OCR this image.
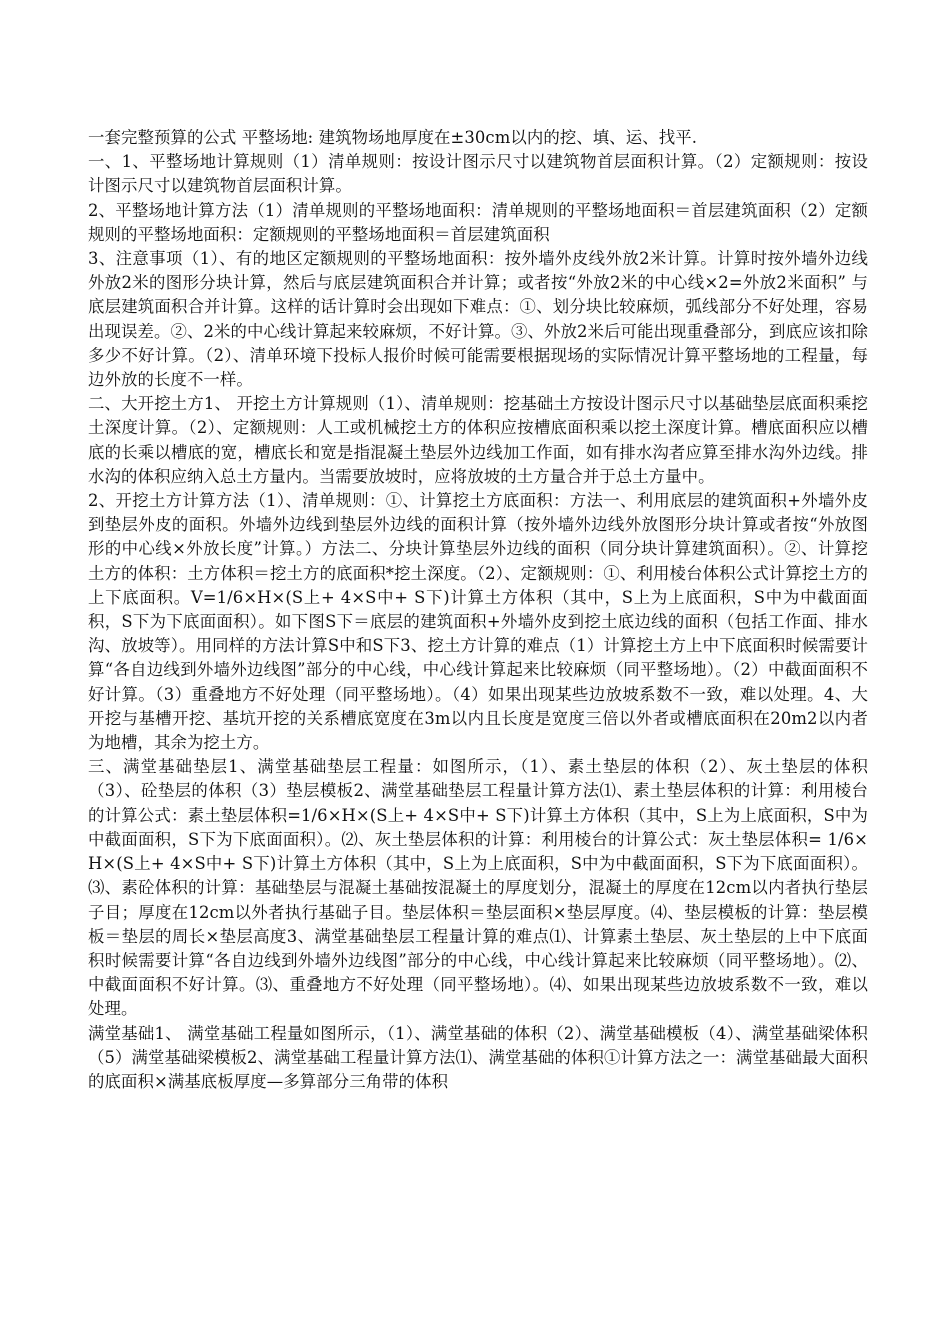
一套完整预算的公式 平整场地: 建筑物场地厚度在±30cm以内的挖、填、运、找平.

一、1、平整场地计算规则（1）清单规则：按设计图示尺寸以建筑物首层面积计算。（2）定额规则：按设计图示尺寸以建筑物首层面积计算。

2、平整场地计算方法（1）清单规则的平整场地面积：清单规则的平整场地面积＝首层建筑面积（2）定额规则的平整场地面积：定额规则的平整场地面积＝首层建筑面积

3、注意事项（1）、有的地区定额规则的平整场地面积：按外墙外皮线外放2米计算。计算时按外墙外边线外放2米的图形分块计算，然后与底层建筑面积合并计算；或者按“外放2米的中心线×2=外放2米面积” 与底层建筑面积合并计算。这样的话计算时会出现如下难点：①、划分块比较麻烦，弧线部分不好处理，容易出现误差。②、2米的中心线计算起来较麻烦，不好计算。③、外放2米后可能出现重叠部分，到底应该扣除多少不好计算。（2）、清单环境下投标人报价时候可能需要根据现场的实际情况计算平整场地的工程量，每边外放的长度不一样。

二、大开挖土方1、 开挖土方计算规则（1）、清单规则：挖基础土方按设计图示尺寸以基础垫层底面积乘挖土深度计算。（2）、定额规则：人工或机械挖土方的体积应按槽底面积乘以挖土深度计算。槽底面积应以槽底的长乘以槽底的宽，槽底长和宽是指混凝土垫层外边线加工作面，如有排水沟者应算至排水沟外边线。排水沟的体积应纳入总土方量内。当需要放坡时，应将放坡的土方量合并于总土方量中。

2、开挖土方计算方法（1）、清单规则：①、计算挖土方底面积：方法一、利用底层的建筑面积+外墙外皮到垫层外皮的面积。外墙外边线到垫层外边线的面积计算（按外墙外边线外放图形分块计算或者按“外放图形的中心线×外放长度”计算。）方法二、分块计算垫层外边线的面积（同分块计算建筑面积）。②、计算挖土方的体积：土方体积＝挖土方的底面积*挖土深度。（2）、定额规则：①、利用棱台体积公式计算挖土方的上下底面积。V=1/6×H×(S上+ 4×S中+ S下)计算土方体积（其中，S上为上底面积，S中为中截面面积，S下为下底面面积）。如下图S下＝底层的建筑面积+外墙外皮到挖土底边线的面积（包括工作面、排水沟、放坡等）。用同样的方法计算S中和S下3、挖土方计算的难点（1）计算挖土方上中下底面积时候需要计算“各自边线到外墙外边线图”部分的中心线，中心线计算起来比较麻烦（同平整场地）。（2）中截面面积不好计算。（3）重叠地方不好处理（同平整场地）。（4）如果出现某些边放坡系数不一致，难以处理。4、大开挖与基槽开挖、基坑开挖的关系槽底宽度在3m以内且长度是宽度三倍以外者或槽底面积在20m2以内者为地槽，其余为挖土方。

三、满堂基础垫层1、满堂基础垫层工程量：如图所示，（1）、素土垫层的体积（2）、灰土垫层的体积（3）、砼垫层的体积（3）垫层模板2、满堂基础垫层工程量计算方法⑴、素土垫层体积的计算：利用棱台的计算公式：素土垫层体积=1/6×H×(S上+ 4×S中+ S下)计算土方体积（其中，S上为上底面积，S中为中截面面积，S下为下底面面积）。⑵、灰土垫层体积的计算：利用棱台的计算公式：灰土垫层体积= 1/6×H×(S上+ 4×S中+ S下)计算土方体积（其中，S上为上底面积，S中为中截面面积，S下为下底面面积）。⑶、素砼体积的计算：基础垫层与混凝土基础按混凝土的厚度划分，混凝土的厚度在12cm以内者执行垫层子目；厚度在12cm以外者执行基础子目。垫层体积＝垫层面积×垫层厚度。⑷、垫层模板的计算：垫层模板＝垫层的周长×垫层高度3、满堂基础垫层工程量计算的难点⑴、计算素土垫层、灰土垫层的上中下底面积时候需要计算“各自边线到外墙外边线图”部分的中心线，中心线计算起来比较麻烦（同平整场地）。⑵、中截面面积不好计算。⑶、重叠地方不好处理（同平整场地）。⑷、如果出现某些边放坡系数不一致，难以处理。

满堂基础1、 满堂基础工程量如图所示，（1）、满堂基础的体积（2）、满堂基础模板（4）、满堂基础梁体积（5）满堂基础梁模板2、满堂基础工程量计算方法⑴、满堂基础的体积①计算方法之一：满堂基础最大面积的底面积×满基底板厚度—多算部分三角带的体积
